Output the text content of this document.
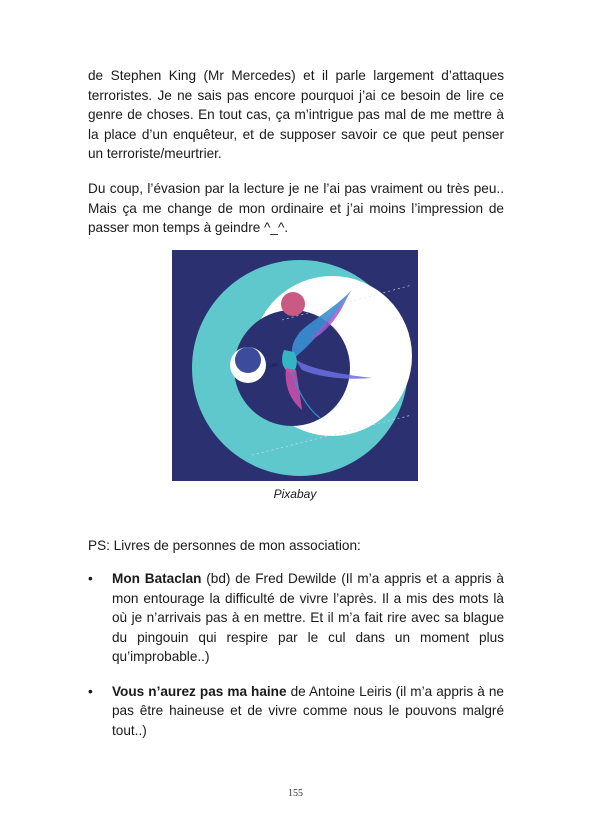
de Stephen King (Mr Mercedes) et il parle largement d’attaques terroristes. Je ne sais pas encore pourquoi j’ai ce besoin de lire ce genre de choses. En tout cas, ça m’intrigue pas mal de me mettre à la place d’un enquêteur, et de supposer savoir ce que peut penser un terroriste/meurtrier.

Du coup, l’évasion par la lecture je ne l’ai pas vraiment ou très peu.. Mais ça me change de mon ordinaire et j’ai moins l’impression de passer mon temps à geindre ^_^.

Pixabay

PS: Livres de personnes de mon association:

• Mon Bataclan (bd) de Fred Dewilde (Il m’a appris et a appris à mon entourage la difficulté de vivre l’après. Il a mis des mots là où je n’arrivais pas à en mettre. Et il m’a fait rire avec sa blague du pingouin qui respire par le cul dans un moment plus qu’improbable..)
• Vous n’aurez pas ma haine de Antoine Leiris (il m’a appris à ne pas être haineuse et de vivre comme nous le pouvons malgré tout..)
155
